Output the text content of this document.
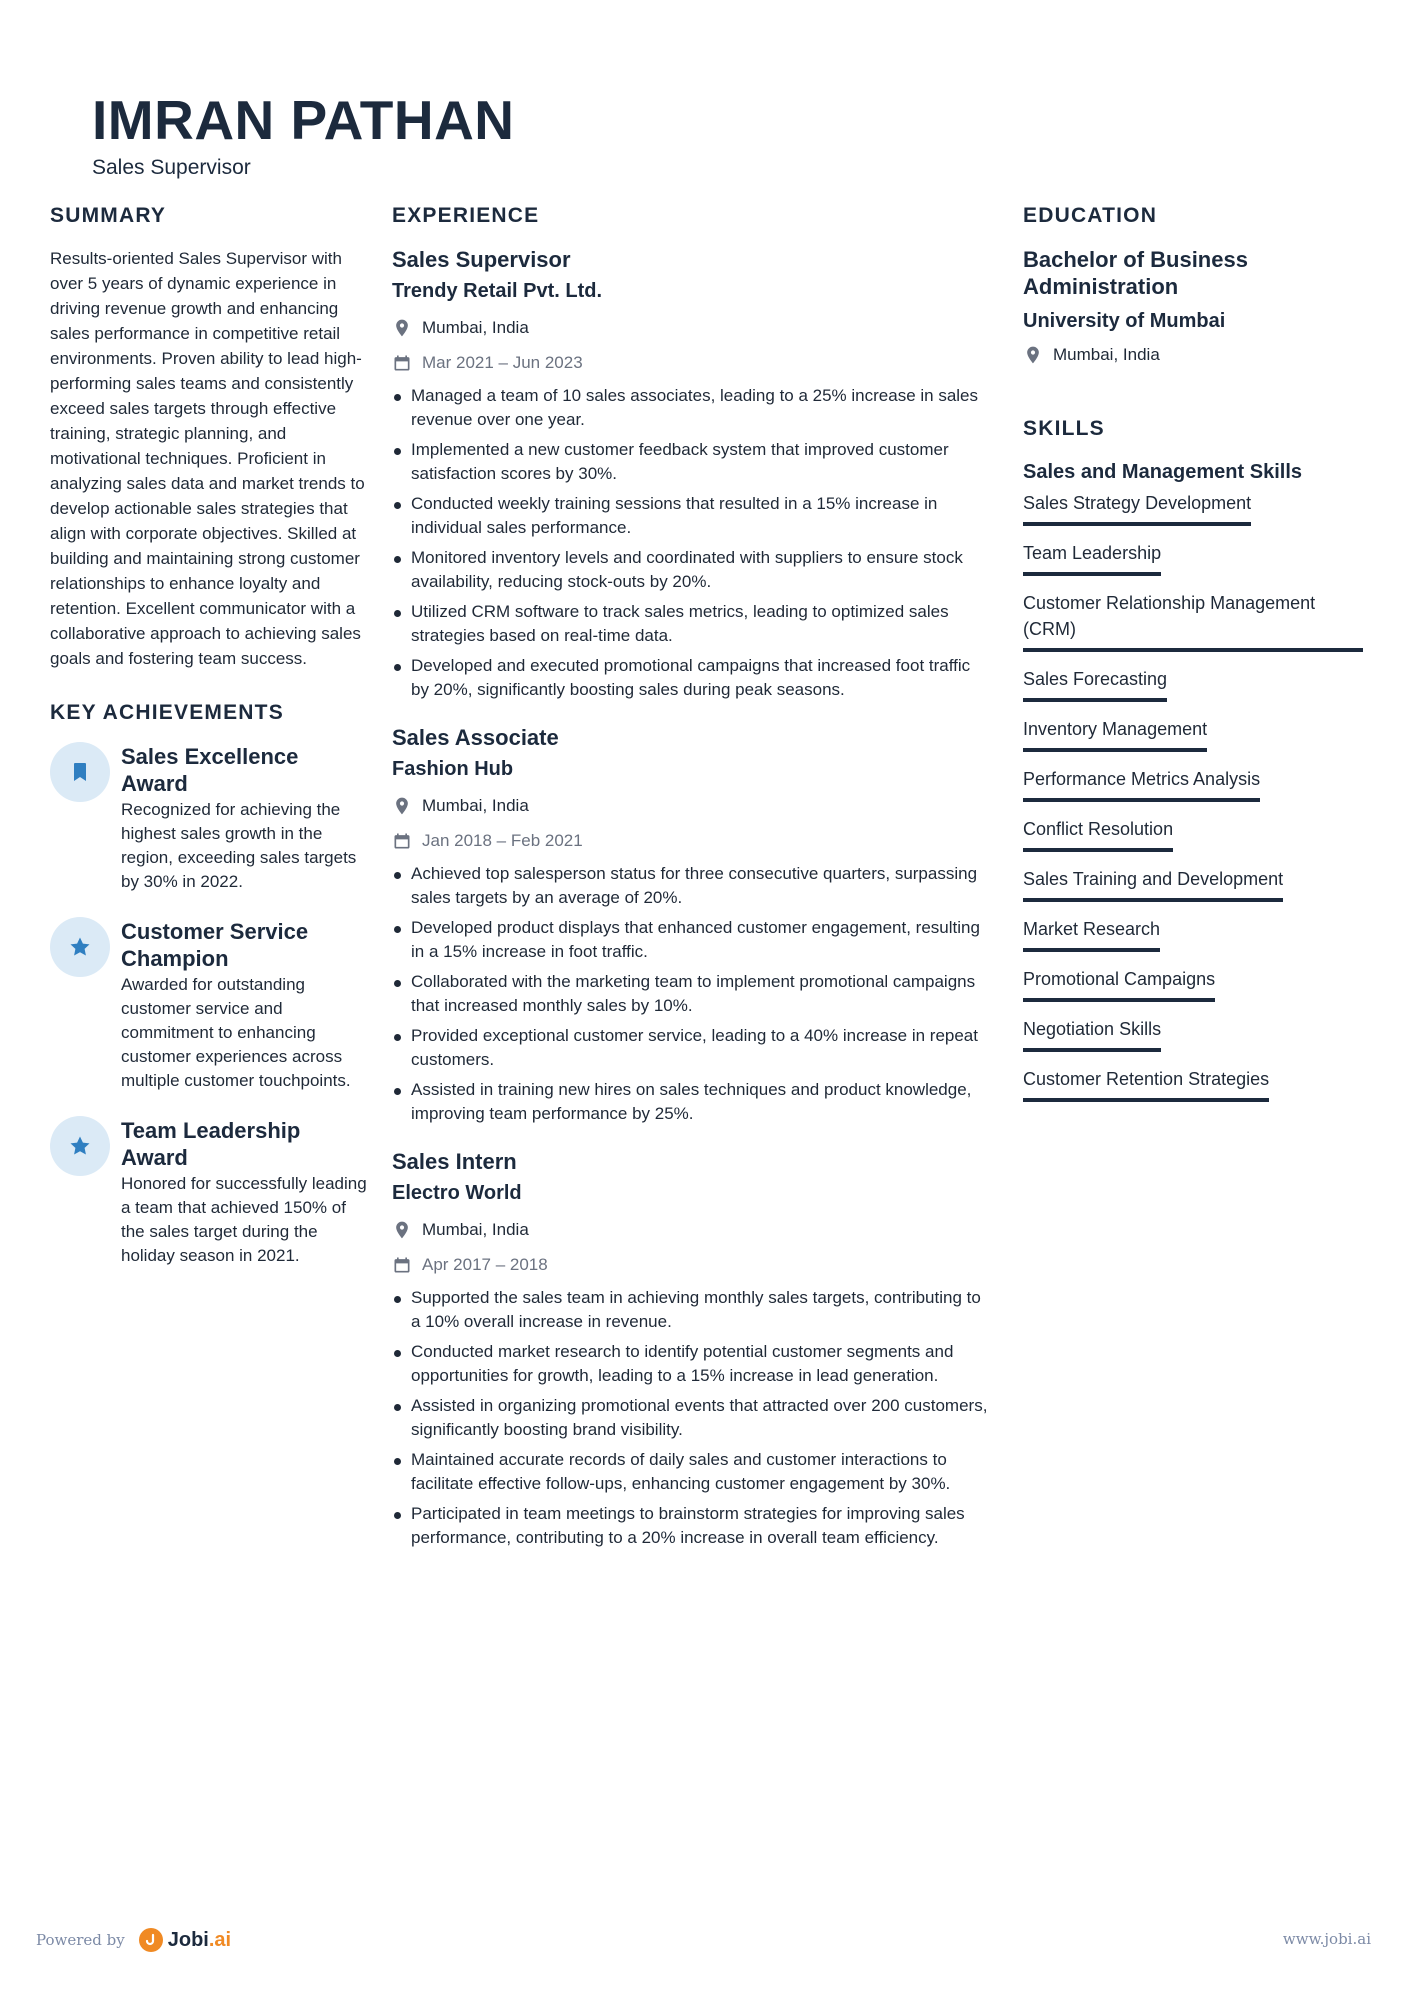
IMRAN PATHAN
Sales Supervisor
SUMMARY
Results-oriented Sales Supervisor with over 5 years of dynamic experience in driving revenue growth and enhancing sales performance in competitive retail environments. Proven ability to lead high-performing sales teams and consistently exceed sales targets through effective training, strategic planning, and motivational techniques. Proficient in analyzing sales data and market trends to develop actionable sales strategies that align with corporate objectives. Skilled at building and maintaining strong customer relationships to enhance loyalty and retention. Excellent communicator with a collaborative approach to achieving sales goals and fostering team success.
KEY ACHIEVEMENTS
Sales Excellence Award
Recognized for achieving the highest sales growth in the region, exceeding sales targets by 30% in 2022.
Customer Service Champion
Awarded for outstanding customer service and commitment to enhancing customer experiences across multiple customer touchpoints.
Team Leadership Award
Honored for successfully leading a team that achieved 150% of the sales target during the holiday season in 2021.
EXPERIENCE
Sales Supervisor
Trendy Retail Pvt. Ltd.
Mumbai, India
Mar 2021 – Jun 2023
Managed a team of 10 sales associates, leading to a 25% increase in sales revenue over one year.
Implemented a new customer feedback system that improved customer satisfaction scores by 30%.
Conducted weekly training sessions that resulted in a 15% increase in individual sales performance.
Monitored inventory levels and coordinated with suppliers to ensure stock availability, reducing stock-outs by 20%.
Utilized CRM software to track sales metrics, leading to optimized sales strategies based on real-time data.
Developed and executed promotional campaigns that increased foot traffic by 20%, significantly boosting sales during peak seasons.
Sales Associate
Fashion Hub
Mumbai, India
Jan 2018 – Feb 2021
Achieved top salesperson status for three consecutive quarters, surpassing sales targets by an average of 20%.
Developed product displays that enhanced customer engagement, resulting in a 15% increase in foot traffic.
Collaborated with the marketing team to implement promotional campaigns that increased monthly sales by 10%.
Provided exceptional customer service, leading to a 40% increase in repeat customers.
Assisted in training new hires on sales techniques and product knowledge, improving team performance by 25%.
Sales Intern
Electro World
Mumbai, India
Apr 2017 – 2018
Supported the sales team in achieving monthly sales targets, contributing to a 10% overall increase in revenue.
Conducted market research to identify potential customer segments and opportunities for growth, leading to a 15% increase in lead generation.
Assisted in organizing promotional events that attracted over 200 customers, significantly boosting brand visibility.
Maintained accurate records of daily sales and customer interactions to facilitate effective follow-ups, enhancing customer engagement by 30%.
Participated in team meetings to brainstorm strategies for improving sales performance, contributing to a 20% increase in overall team efficiency.
EDUCATION
Bachelor of Business Administration
University of Mumbai
Mumbai, India
SKILLS
Sales and Management Skills
Sales Strategy Development
Team Leadership
Customer Relationship Management (CRM)
Sales Forecasting
Inventory Management
Performance Metrics Analysis
Conflict Resolution
Sales Training and Development
Market Research
Promotional Campaigns
Negotiation Skills
Customer Retention Strategies
Powered by Jobi.ai	www.jobi.ai
